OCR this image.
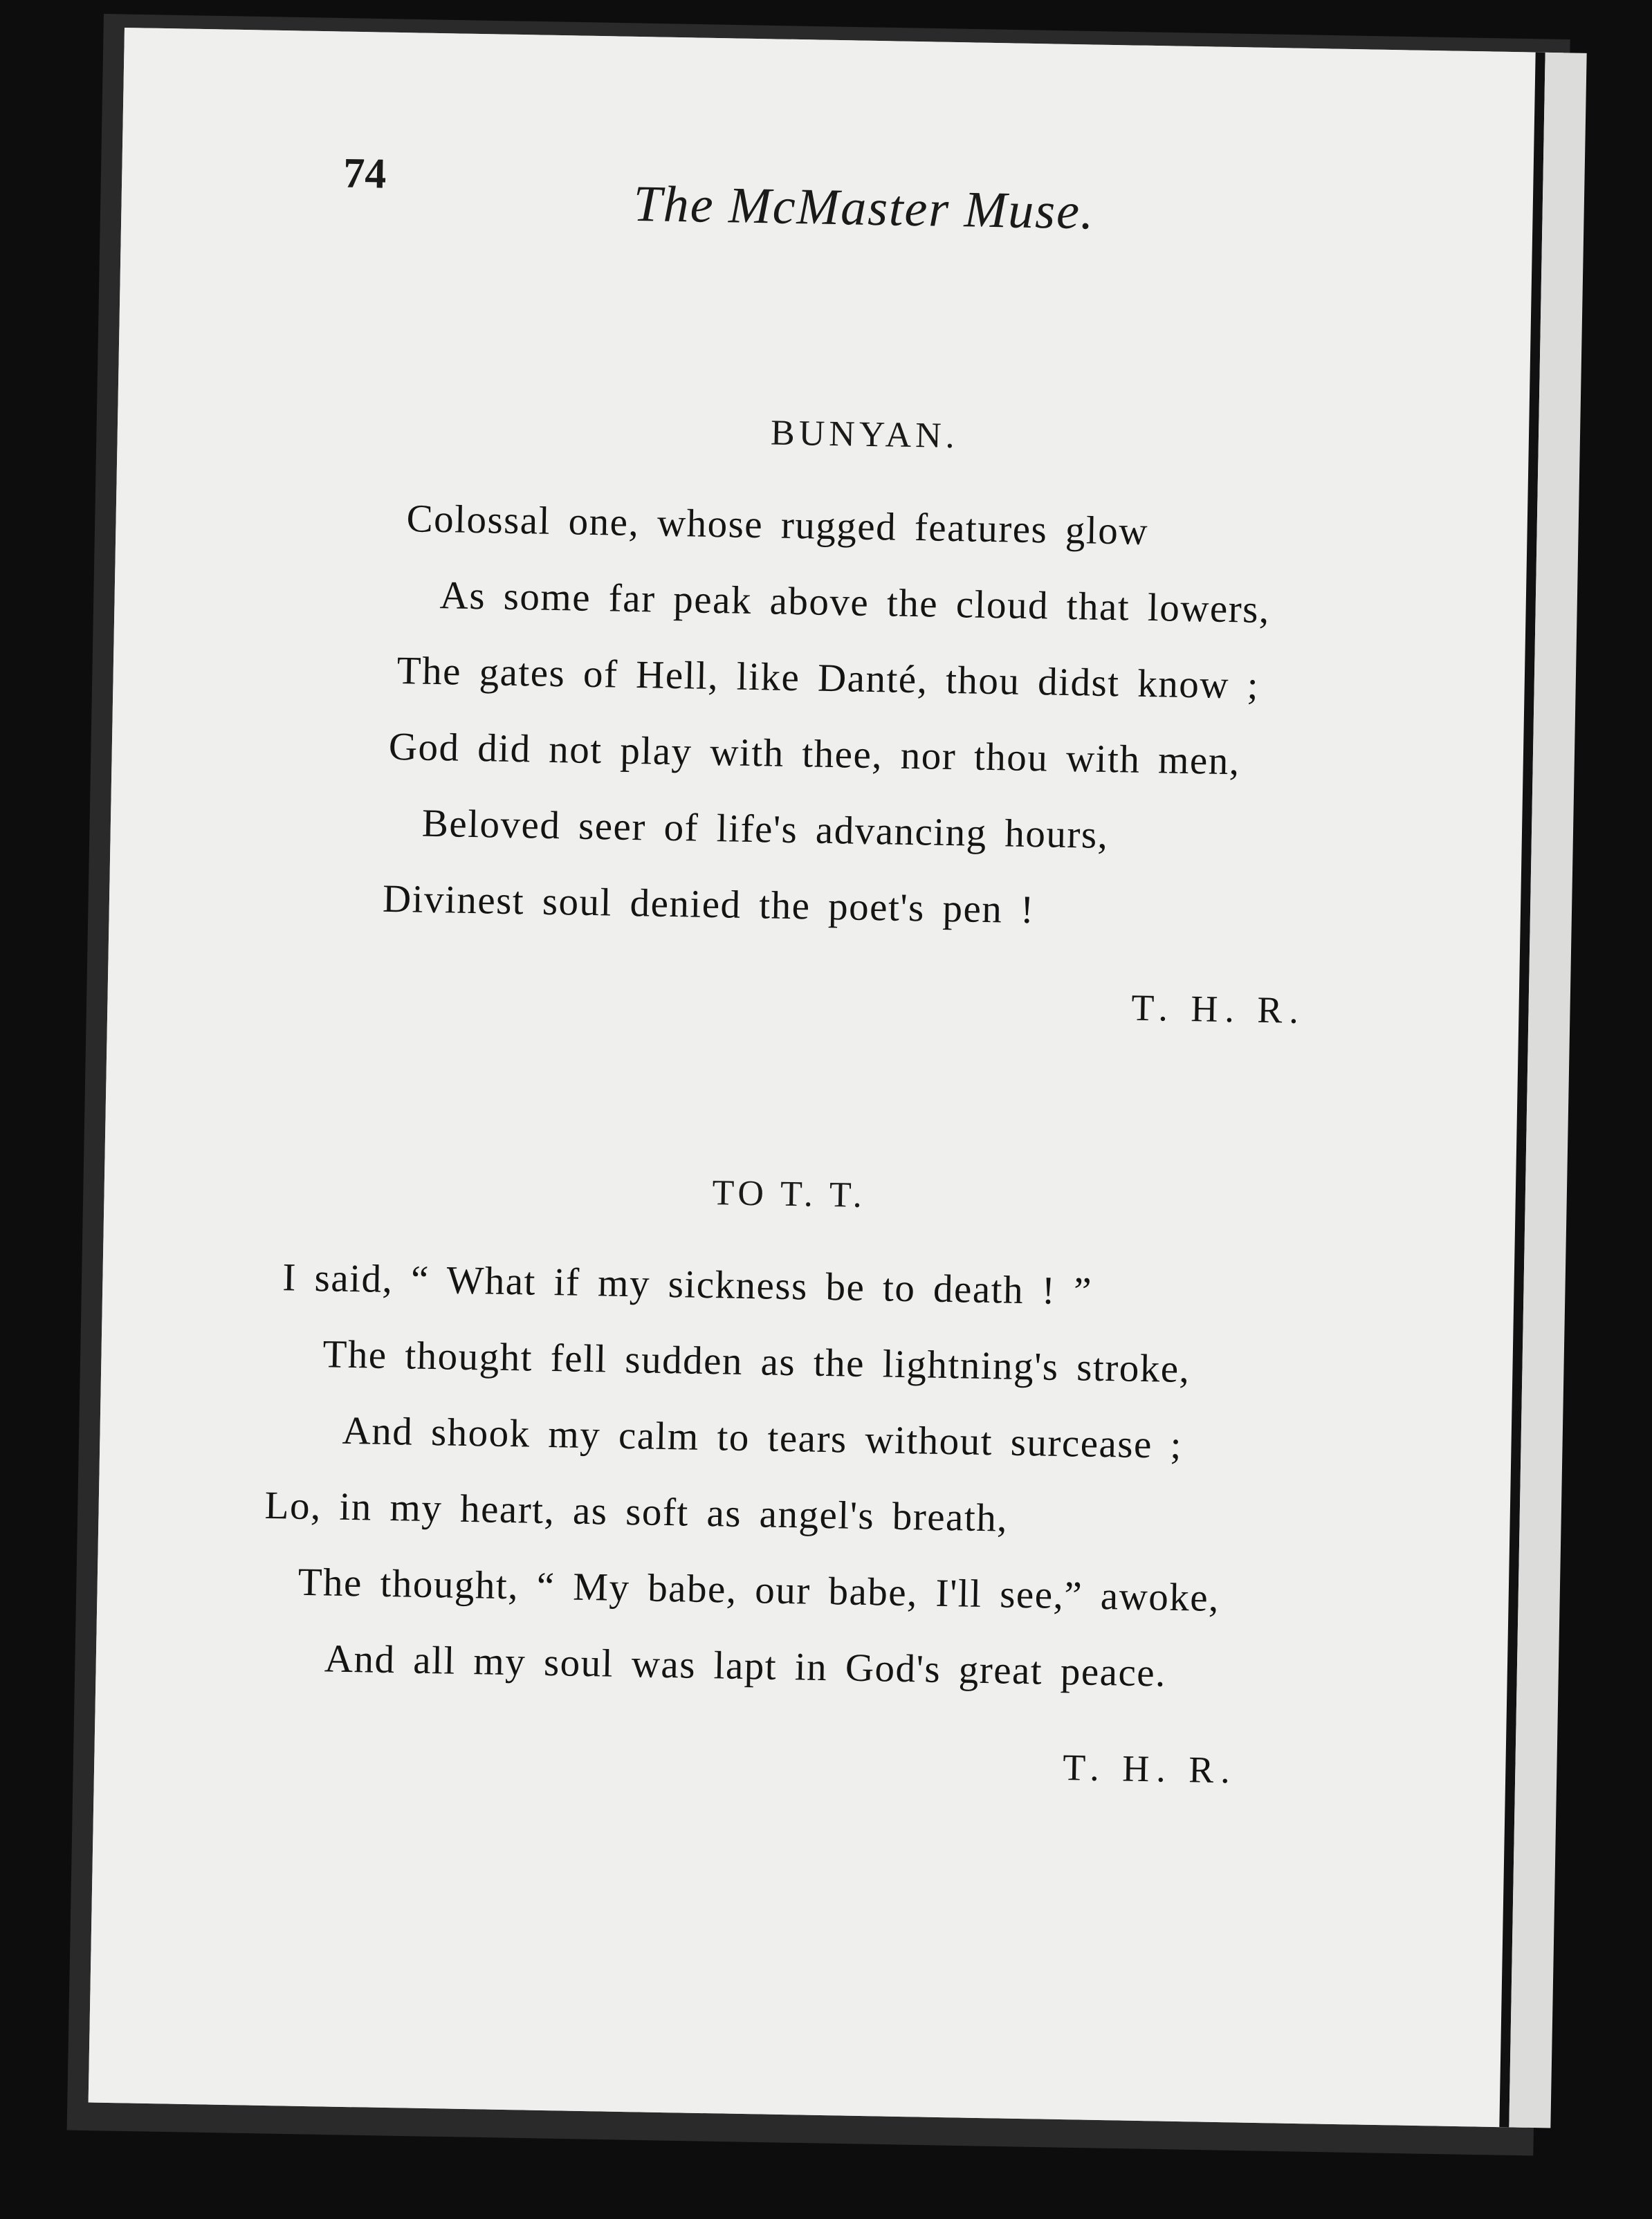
74
The McMaster Muse.
BUNYAN.
Colossal one, whose rugged features glow
As some far peak above the cloud that lowers,
The gates of Hell, like Danté, thou didst know ;
God did not play with thee, nor thou with men,
Beloved seer of life's advancing hours,
Divinest soul denied the poet's pen !
T. H. R.
TO T. T.
I said, “ What if my sickness be to death ! ”
The thought fell sudden as the lightning's stroke,
And shook my calm to tears without surcease ;
Lo, in my heart, as soft as angel's breath,
The thought, “ My babe, our babe, I'll see,” awoke,
And all my soul was lapt in God's great peace.
T. H. R.
